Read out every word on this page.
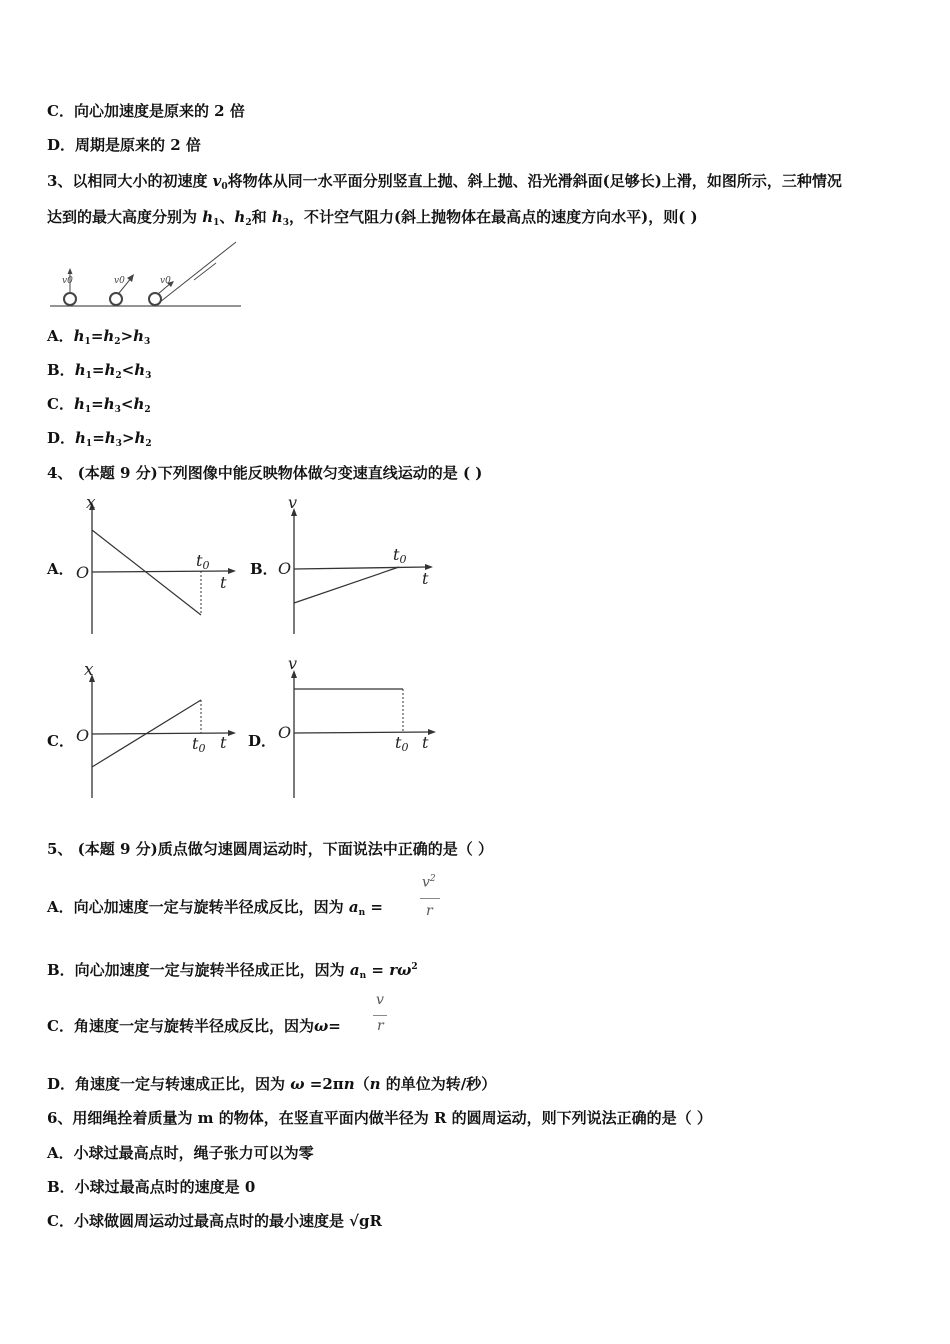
C．向心加速度是原来的 2 倍
D．周期是原来的 2 倍
3、以相同大小的初速度 $v_0$将物体从同一水平面分别竖直上抛、斜上抛、沿光滑斜面(足够长)上滑，如图所示，三种情况
达到的最大高度分别为 $h_1$、$h_2$和 $h_3$，不计空气阻力(斜上抛物体在最高点的速度方向水平)，则( )
v0	v0	v0
A．$h_1=h_2>h_3$
B．$h_1=h_2<h_3$
C．$h_1=h_3<h_2$
D．$h_1=h_3>h_2$
4、 (本题 9 分)下列图像中能反映物体做匀变速直线运动的是 ( )
A．
x
O
t
t0	B．
v
O
t
t0
C．
x
O	t
t0	D．
v
O
t
t0
5、 (本题 9 分)质点做匀速圆周运动时，下面说法中正确的是（ ）
A．向心加速度一定与旋转半径成反比，因为 $a_n$ =
$v^2$
r
B．向心加速度一定与旋转半径成正比，因为 $a_n = r\omega^2$
C．角速度一定与旋转半径成反比，因为ω=
v
r
D．角速度一定与转速成正比，因为 ω =2πn（n 的单位为转/秒）
6、用细绳拴着质量为 m 的物体，在竖直平面内做半径为 R 的圆周运动，则下列说法正确的是（ ）
A．小球过最高点时，绳子张力可以为零
B．小球过最高点时的速度是 0
C．小球做圆周运动过最高点时的最小速度是 √gR
